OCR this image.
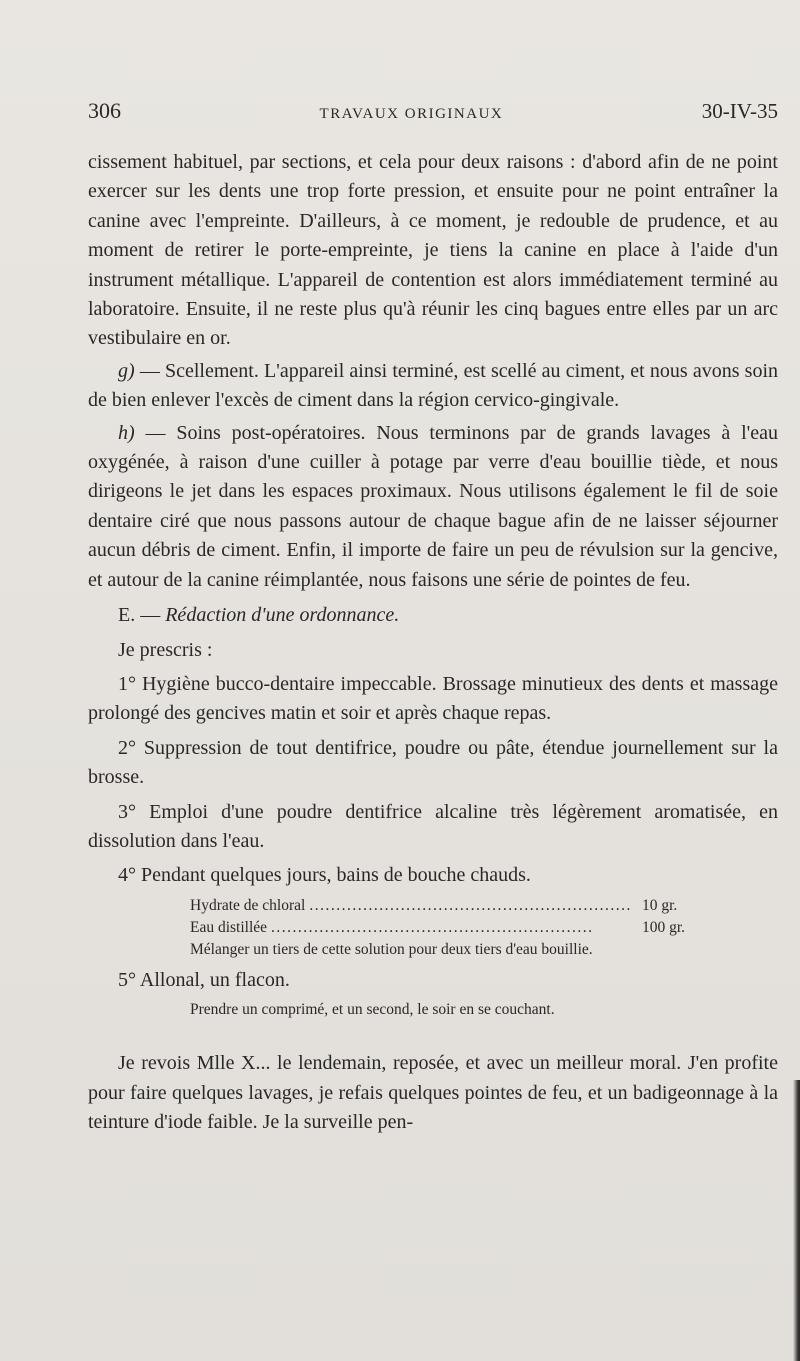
306	TRAVAUX ORIGINAUX	30-IV-35

cissement habituel, par sections, et cela pour deux raisons : d'abord afin de ne point exercer sur les dents une trop forte pression, et ensuite pour ne point entraîner la canine avec l'empreinte. D'ailleurs, à ce moment, je redouble de prudence, et au moment de retirer le porte-empreinte, je tiens la canine en place à l'aide d'un instrument métallique. L'appareil de contention est alors immédiatement terminé au laboratoire. Ensuite, il ne reste plus qu'à réunir les cinq bagues entre elles par un arc vestibulaire en or.

g) — Scellement. L'appareil ainsi terminé, est scellé au ciment, et nous avons soin de bien enlever l'excès de ciment dans la région cervico-gingivale.

h) — Soins post-opératoires. Nous terminons par de grands lavages à l'eau oxygénée, à raison d'une cuiller à potage par verre d'eau bouillie tiède, et nous dirigeons le jet dans les espaces proximaux. Nous utilisons également le fil de soie dentaire ciré que nous passons autour de chaque bague afin de ne laisser séjourner aucun débris de ciment. Enfin, il importe de faire un peu de révulsion sur la gencive, et autour de la canine réimplantée, nous faisons une série de pointes de feu.

E. — Rédaction d'une ordonnance.

Je prescris :

1° Hygiène bucco-dentaire impeccable. Brossage minutieux des dents et massage prolongé des gencives matin et soir et après chaque repas.

2° Suppression de tout dentifrice, poudre ou pâte, étendue journellement sur la brosse.

3° Emploi d'une poudre dentifrice alcaline très légèrement aromatisée, en dissolution dans l'eau.

4° Pendant quelques jours, bains de bouche chauds.

Hydrate de chloral ............................................................ 10 gr.
Eau distillée ............................................................	100 gr.
Mélanger un tiers de cette solution pour deux tiers d'eau bouillie.

5° Allonal, un flacon.

Prendre un comprimé, et un second, le soir en se couchant.

Je revois Mlle X... le lendemain, reposée, et avec un meilleur moral. J'en profite pour faire quelques lavages, je refais quelques pointes de feu, et un badigeonnage à la teinture d'iode faible. Je la surveille pen-
